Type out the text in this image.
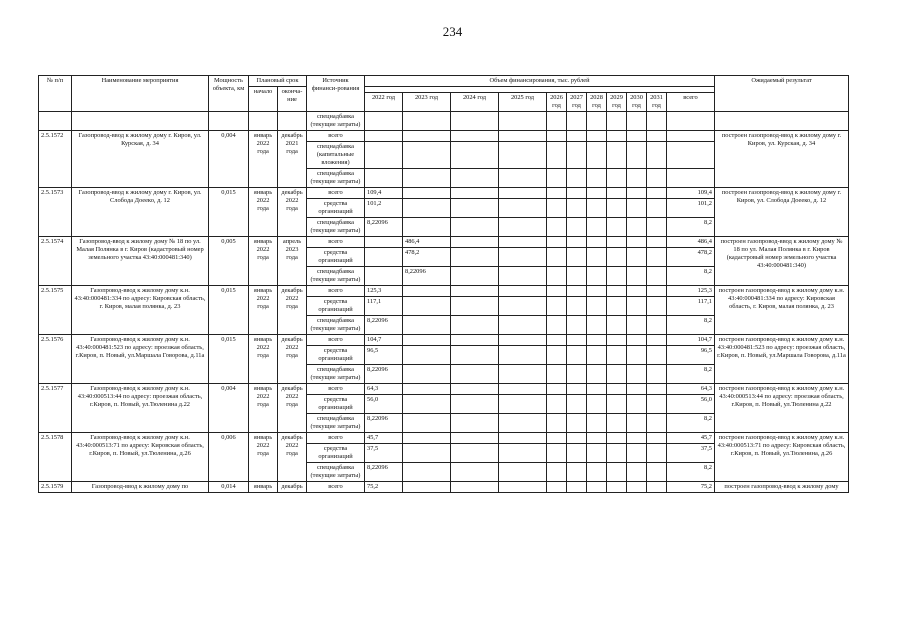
234
№ п/п	Наименование мероприятия	Мощность объекта, км	Плановый срок		Источник финанси-рования	Объем финансирования, тыс. рублей											Ожидаемый результат
			начало	оконча-ние													
						2022 год	2023 год	2024 год	2025 год	2026 год	2027 год	2028 год	2029 год	2030 год	2031 год	всего	
					спецнадбавка (текущие затраты)												
2.5.1572	Газопровод-ввод к жилому дому г. Киров, ул. Курская, д. 34	0,004	январь 2022 года	декабрь 2021 года	всего												построен газопровод-ввод к жилому дому г. Киров, ул. Курская, д. 34
					спецнадбавка (капитальные вложения)												
					спецнадбавка (текущие затраты)												
2.5.1573	Газопровод-ввод к жилому дому г. Киров, ул. Слобода Доееко, д. 12	0,015	январь 2022 года	декабрь 2022 года	всего	109,4										109,4	построен газопровод-ввод к жилому дому г. Киров, ул. Слобода Доееко, д. 12
					средства организаций	101,2										101,2	
					спецнадбавка (текущие затраты)	8,22096										8,2	
2.5.1574	Газопровод-ввод к жилому дому № 18 по ул. Малая Полянка в г. Киров (кадастровый номер земельного участка 43:40:000481:340)	0,005	январь 2022 года	апрель 2023 года	всего		486,4									486,4	построен газопровод-ввод к жилому дому № 18 по ул. Малая Полянка в г. Киров (кадастровый номер земельного участка 43:40:000481:340)
					средства организаций		478,2									478,2	
					спецнадбавка (текущие затраты)		8,22096									8,2	
2.5.1575	Газопровод-ввод к жилому дому к.н. 43:40:000481:334 по адресу: Кировская область, г. Киров, малая полянка, д. 23	0,015	январь 2022 года	декабрь 2022 года	всего	125,3										125,3	построен газопровод-ввод к жилому дому к.н. 43:40:000481:334 по адресу: Кировская область, г. Киров, малая полянка, д. 23
					средства организаций	117,1										117,1	
					спецнадбавка (текущие затраты)	8,22096										8,2	
2.5.1576	Газопровод-ввод к жилому дому к.н. 43:40:000481:523 по адресу: проезжая область, г.Киров, п. Новый, ул.Маршала Говорова, д.11а	0,015	январь 2022 года	декабрь 2022 года	всего	104,7										104,7	построен газопровод-ввод к жилому дому к.н. 43:40:000481:523 по адресу: проезжая область, г.Киров, п. Новый, ул.Маршала Говорова, д.11а
					средства организаций	96,5										96,5	
					спецнадбавка (текущие затраты)	8,22096										8,2	
2.5.1577	Газопровод-ввод к жилому дому к.н. 43:40:000513:44 по адресу: проезжая область, г.Киров, п. Новый, ул.Тюленина д.22	0,004	январь 2022 года	декабрь 2022 года	всего	64,3										64,3	построен газопровод-ввод к жилому дому к.н. 43:40:000513:44 по адресу: проезжая область, г.Киров, п. Новый, ул.Тюленина д.22
					средства организаций	56,0										56,0	
					спецнадбавка (текущие затраты)	8,22096										8,2	
2.5.1578	Газопровод-ввод к жилому дому к.н. 43:40:000513:71 по адресу: Кировская область, г.Киров, п. Новый, ул.Тюленина, д.26	0,006	январь 2022 года	декабрь 2022 года	всего	45,7										45,7	построен газопровод-ввод к жилому дому к.н. 43:40:000513:71 по адресу: Кировская область, г.Киров, п. Новый, ул.Тюленина, д.26
					средства организаций	37,5										37,5	
					спецнадбавка (текущие затраты)	8,22096										8,2	
2.5.1579	Газопровод-ввод к жилому дому по	0,014	январь	декабрь	всего	75,2										75,2	построен газопровод-ввод к жилому дому
